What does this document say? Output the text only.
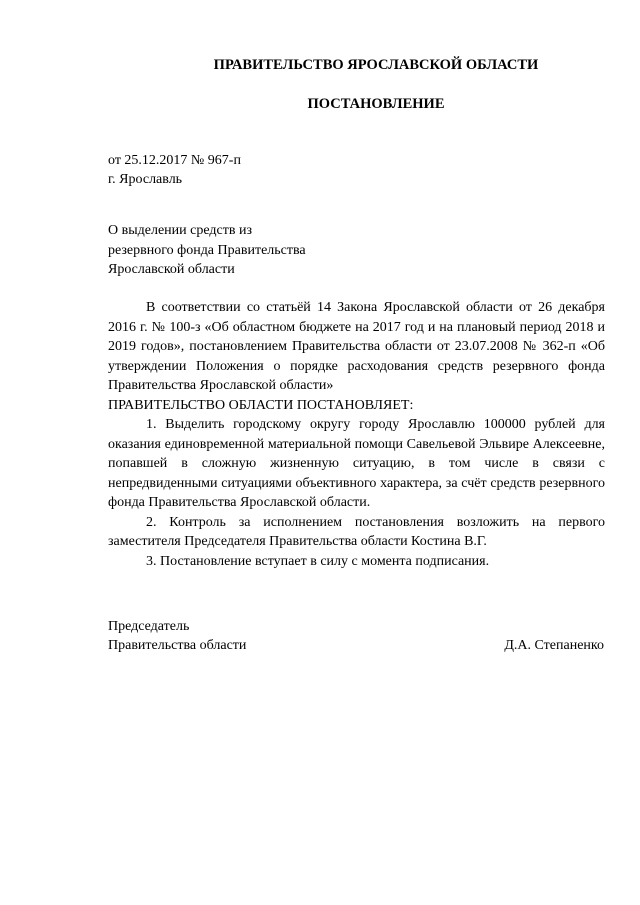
ПРАВИТЕЛЬСТВО ЯРОСЛАВСКОЙ ОБЛАСТИ
ПОСТАНОВЛЕНИЕ
от 25.12.2017 № 967-п
г. Ярославль
О выделении средств из
резервного фонда Правительства
Ярославской области

В соответствии со статьёй 14 Закона Ярославской области от 26 декабря 2016 г. № 100-з «Об областном бюджете на 2017 год и на плановый период 2018 и 2019 годов», постановлением Правительства области от 23.07.2008 № 362-п «Об утверждении Положения о порядке расходования средств резервного фонда Правительства Ярославской области»

ПРАВИТЕЛЬСТВО ОБЛАСТИ ПОСТАНОВЛЯЕТ:

1. Выделить городскому округу городу Ярославлю 100000 рублей для оказания единовременной материальной помощи Савельевой Эльвире Алексеевне, попавшей в сложную жизненную ситуацию, в том числе в связи с непредвиденными ситуациями объективного характера, за счёт средств резервного фонда Правительства Ярославской области.

2. Контроль за исполнением постановления возложить на первого заместителя Председателя Правительства области Костина В.Г.

3. Постановление вступает в силу с момента подписания.

Председатель
Правительства области	Д.А. Степаненко
